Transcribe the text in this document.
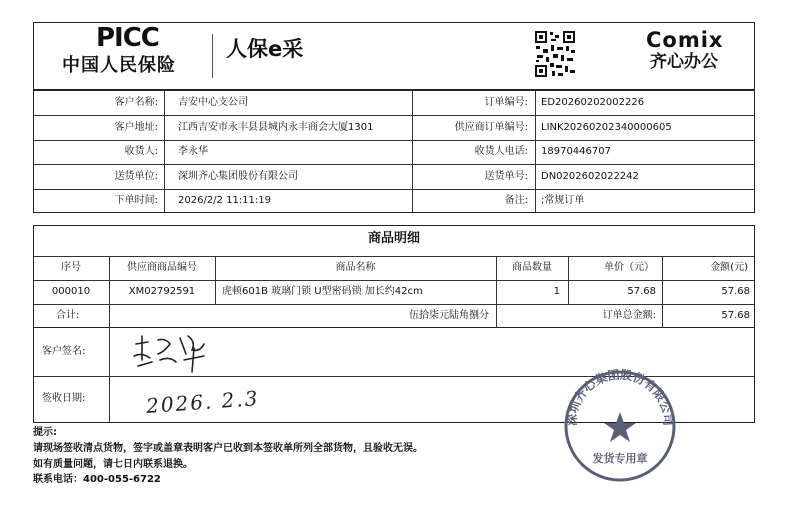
PICC
中国人民保险
人保e采	Comix
齐心办公
客户名称: 吉安中心支公司	订单编号: ED20260202002226
客户地址: 江西吉安市永丰县县城内永丰商会大厦1301	供应商订单编号: LINK20260202340000605
收货人: 李永华	收货人电话: 18970446707
送货单位: 深圳齐心集团股份有限公司	送货单号: DN0202602022242
下单时间: 2026/2/2 11:11:19	备注: ;常规订单
商品明细
序号	供应商商品编号	商品名称	商品数量	单价（元）	金额(元)
000010	XM02792591	虎顿601B 玻璃门锁 U型密码锁 加长约42cm	1	57.68	57.68
合计:	伍拾柒元陆角捌分	订单总金额:	57.68
客户签名:
签收日期:	2026. 2.3
深圳齐心集团股份有限公司
发货专用章
提示:
请现场签收清点货物，签字或盖章表明客户已收到本签收单所列全部货物，且验收无误。
如有质量问题，请七日内联系退换。
联系电话：400-055-6722
